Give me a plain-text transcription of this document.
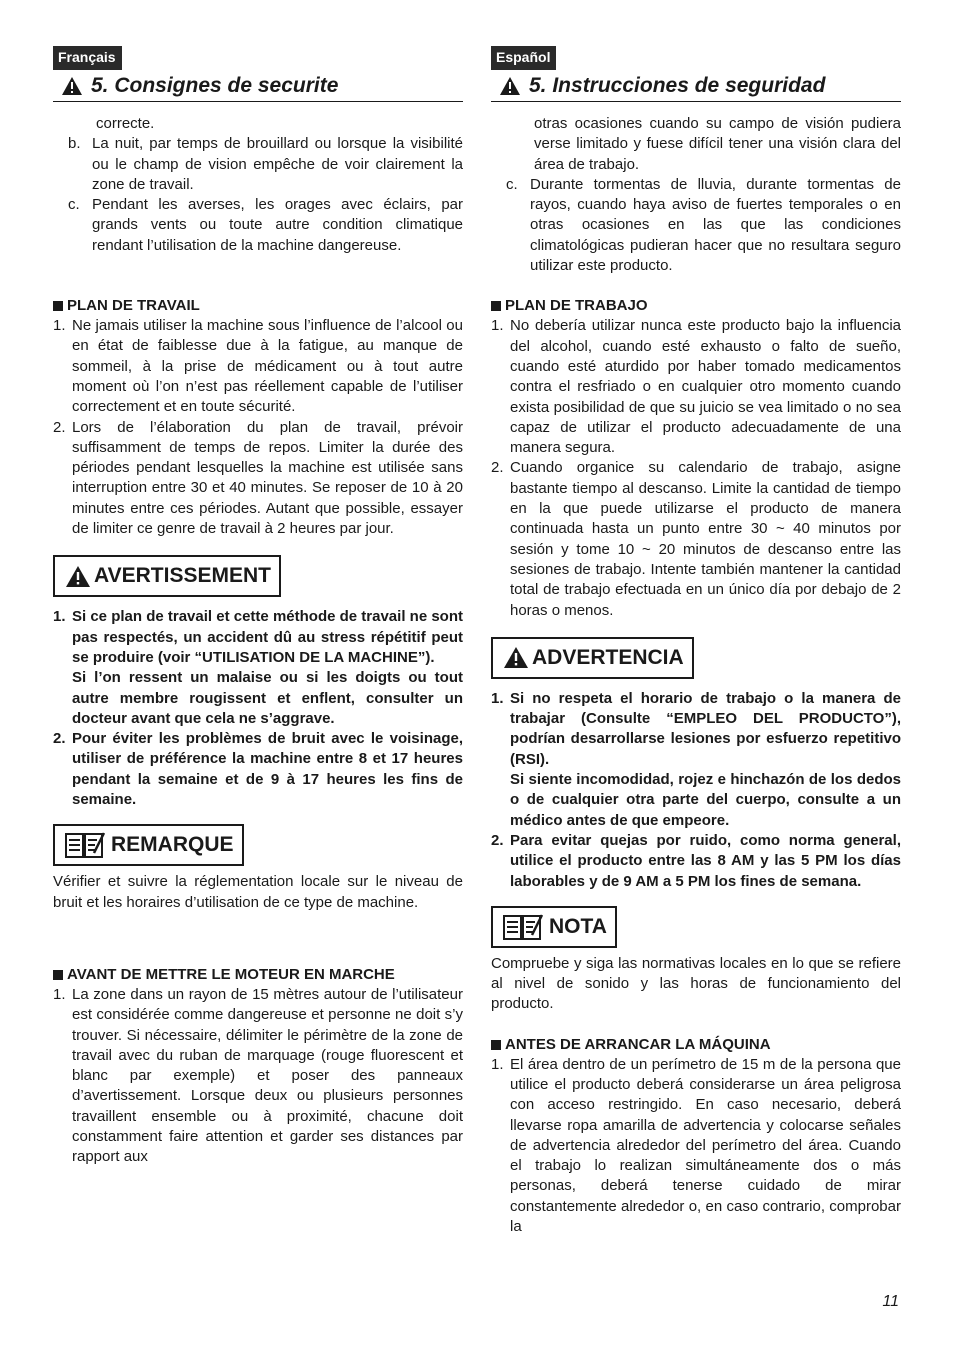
Français
5. Consignes de securite
correcte.
b. La nuit, par temps de brouillard ou lorsque la visibilité ou le champ de vision empêche de voir clairement la zone de travail.
c. Pendant les averses, les orages avec éclairs, par grands vents ou toute autre condition climatique rendant l’utilisation de la machine dangereuse.
PLAN DE TRAVAIL
1. Ne jamais utiliser la machine sous l’influence de l’alcool ou en état de faiblesse due à la fatigue, au manque de sommeil, à la prise de médicament ou à tout autre moment où l’on n’est pas réellement capable de l’utiliser correctement et en toute sécurité.
2. Lors de l’élaboration du plan de travail, prévoir suffisamment de temps de repos. Limiter la durée des périodes pendant lesquelles la machine est utilisée sans interruption entre 30 et 40 minutes. Se reposer de 10 à 20 minutes entre ces périodes. Autant que possible, essayer de limiter ce genre de travail à 2 heures par jour.
AVERTISSEMENT
1. Si ce plan de travail et cette méthode de travail ne sont pas respectés, un accident dû au stress répétitif peut se produire (voir “UTILISATION DE LA MACHINE”).
Si l’on ressent un malaise ou si les doigts ou tout autre membre rougissent et enflent, consulter un docteur avant que cela ne s’aggrave.
2. Pour éviter les problèmes de bruit avec le voisinage, utiliser de préférence la machine entre 8 et 17 heures pendant la semaine et de 9 à 17 heures les fins de semaine.
REMARQUE
Vérifier et suivre la réglementation locale sur le niveau de bruit et les horaires d’utilisation de ce type de machine.
AVANT DE METTRE LE MOTEUR EN MARCHE
1. La zone dans un rayon de 15 mètres autour de l’utilisateur est considérée comme dangereuse et personne ne doit s’y trouver. Si nécessaire, délimiter le périmètre de la zone de travail avec du ruban de marquage (rouge fluorescent et blanc par exemple) et poser des panneaux d’avertissement. Lorsque deux ou plusieurs personnes travaillent ensemble ou à proximité, chacune doit constamment faire attention et garder ses distances par rapport aux
Español
5. Instrucciones de seguridad
otras ocasiones cuando su campo de visión pudiera verse limitado y fuese difícil tener una visión clara del área de trabajo.
c. Durante tormentas de lluvia, durante tormentas de rayos, cuando haya aviso de fuertes temporales o en otras ocasiones en las que las condiciones climatológicas pudieran hacer que no resultara seguro utilizar este producto.
PLAN DE TRABAJO
1. No debería utilizar nunca este producto bajo la influencia del alcohol, cuando esté exhausto o falto de sueño, cuando esté aturdido por haber tomado medicamentos contra el resfriado o en cualquier otro momento cuando exista posibilidad de que su juicio se vea limitado o no sea capaz de utilizar el producto adecuadamente de una manera segura.
2. Cuando organice su calendario de trabajo, asigne bastante tiempo al descanso. Limite la cantidad de tiempo en la que puede utilizarse el producto de manera continuada hasta un punto entre 30 ~ 40 minutos por sesión y tome 10 ~ 20 minutos de descanso entre las sesiones de trabajo. Intente también mantener la cantidad total de trabajo efectuada en un único día por debajo de 2 horas o menos.
ADVERTENCIA
1. Si no respeta el horario de trabajo o la manera de trabajar (Consulte “EMPLEO DEL PRODUCTO”), podrían desarrollarse lesiones por esfuerzo repetitivo (RSI).
Si siente incomodidad, rojez e hinchazón de los dedos o de cualquier otra parte del cuerpo, consulte a un médico antes de que empeore.
2. Para evitar quejas por ruido, como norma general, utilice el producto entre las 8 AM y las 5 PM los días laborables y de 9 AM a 5 PM los fines de semana.
NOTA
Compruebe y siga las normativas locales en lo que se refiere al nivel de sonido y las horas de funcionamiento del producto.
ANTES DE ARRANCAR LA MÁQUINA
1. El área dentro de un perímetro de 15 m de la persona que utilice el producto deberá considerarse un área peligrosa con acceso restringido. En caso necesario, deberá llevarse ropa amarilla de advertencia y colocarse señales de advertencia alrededor del perímetro del área. Cuando el trabajo lo realizan simultáneamente dos o más personas, deberá tenerse cuidado de mirar constantemente alrededor o, en caso contrario, comprobar la
11
